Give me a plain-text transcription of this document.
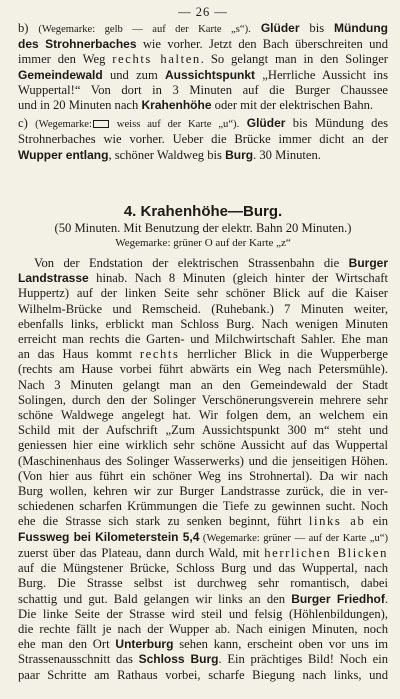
— 26 —
b) (Wegemarke: gelb — auf der Karte „s“). Glüder bis Mündung
des Strohnerbaches wie vorher. Jetzt den Bach überschreiten und
immer den Weg rechts halten. So gelangt man in den Solinger
Gemeindewald und zum Aussichtspunkt „Herrliche Aussicht ins
Wuppertal!“ Von dort in 3 Minuten auf die Burger Chaussee
und in 20 Minuten nach Krahenhöhe oder mit der elektrischen Bahn.
c) (Wegemarke: weiss auf der Karte „u“). Glüder bis Mündung des
Strohnerbaches wie vorher. Ueber die Brücke immer dicht an der
Wupper entlang, schöner Waldweg bis Burg. 30 Minuten.
4. Krahenhöhe—Burg.
(50 Minuten. Mit Benutzung der elektr. Bahn 20 Minuten.)
Wegemarke: grüner O auf der Karte „z“
Von der Endstation der elektrischen Strassenbahn die Burger
Landstrasse hinab. Nach 8 Minuten (gleich hinter der Wirtschaft
Huppertz) auf der linken Seite sehr schöner Blick auf die Kaiser
Wilhelm-Brücke und Remscheid. (Ruhebank.) 7 Minuten weiter,
ebenfalls links, erblickt man Schloss Burg. Nach wenigen Minuten
erreicht man rechts die Garten- und Milchwirtschaft Sahler. Ehe man
an das Haus kommt rechts herrlicher Blick in die Wupperberge
(rechts am Hause vorbei führt abwärts ein Weg nach Petersmühle).
Nach 3 Minuten gelangt man an den Gemeindewald der Stadt
Solingen, durch den der Solinger Verschönerungsverein mehrere sehr
schöne Waldwege angelegt hat. Wir folgen dem, an welchem ein
Schild mit der Aufschrift „Zum Aussichtspunkt 300 m“ steht und
geniessen hier eine wirklich sehr schöne Aussicht auf das Wuppertal
(Maschinenhaus des Solinger Wasserwerks) und die jenseitigen Höhen.
(Von hier aus führt ein schöner Weg ins Strohnertal). Da wir nach
Burg wollen, kehren wir zur Burger Landstrasse zurück, die in ver-
schiedenen scharfen Krümmungen die Tiefe zu gewinnen sucht. Noch
ehe die Strasse sich stark zu senken beginnt, führt links ab ein
Fussweg bei Kilometerstein 5,4 (Wegemarke: grüner — auf der Karte „u“)
zuerst über das Plateau, dann durch Wald, mit herrlichen Blicken
auf die Müngstener Brücke, Schloss Burg und das Wuppertal, nach
Burg. Die Strasse selbst ist durchweg sehr romantisch, dabei
schattig und gut. Bald gelangen wir links an den Burger Friedhof.
Die linke Seite der Strasse wird steil und felsig (Höhlenbildungen),
die rechte fällt je nach der Wupper ab. Nach einigen Minuten, noch
ehe man den Ort Unterburg sehen kann, erscheint oben vor uns im
Strassenausschnitt das Schloss Burg. Ein prächtiges Bild! Noch ein
paar Schritte am Rathaus vorbei, scharfe Biegung nach links, und
